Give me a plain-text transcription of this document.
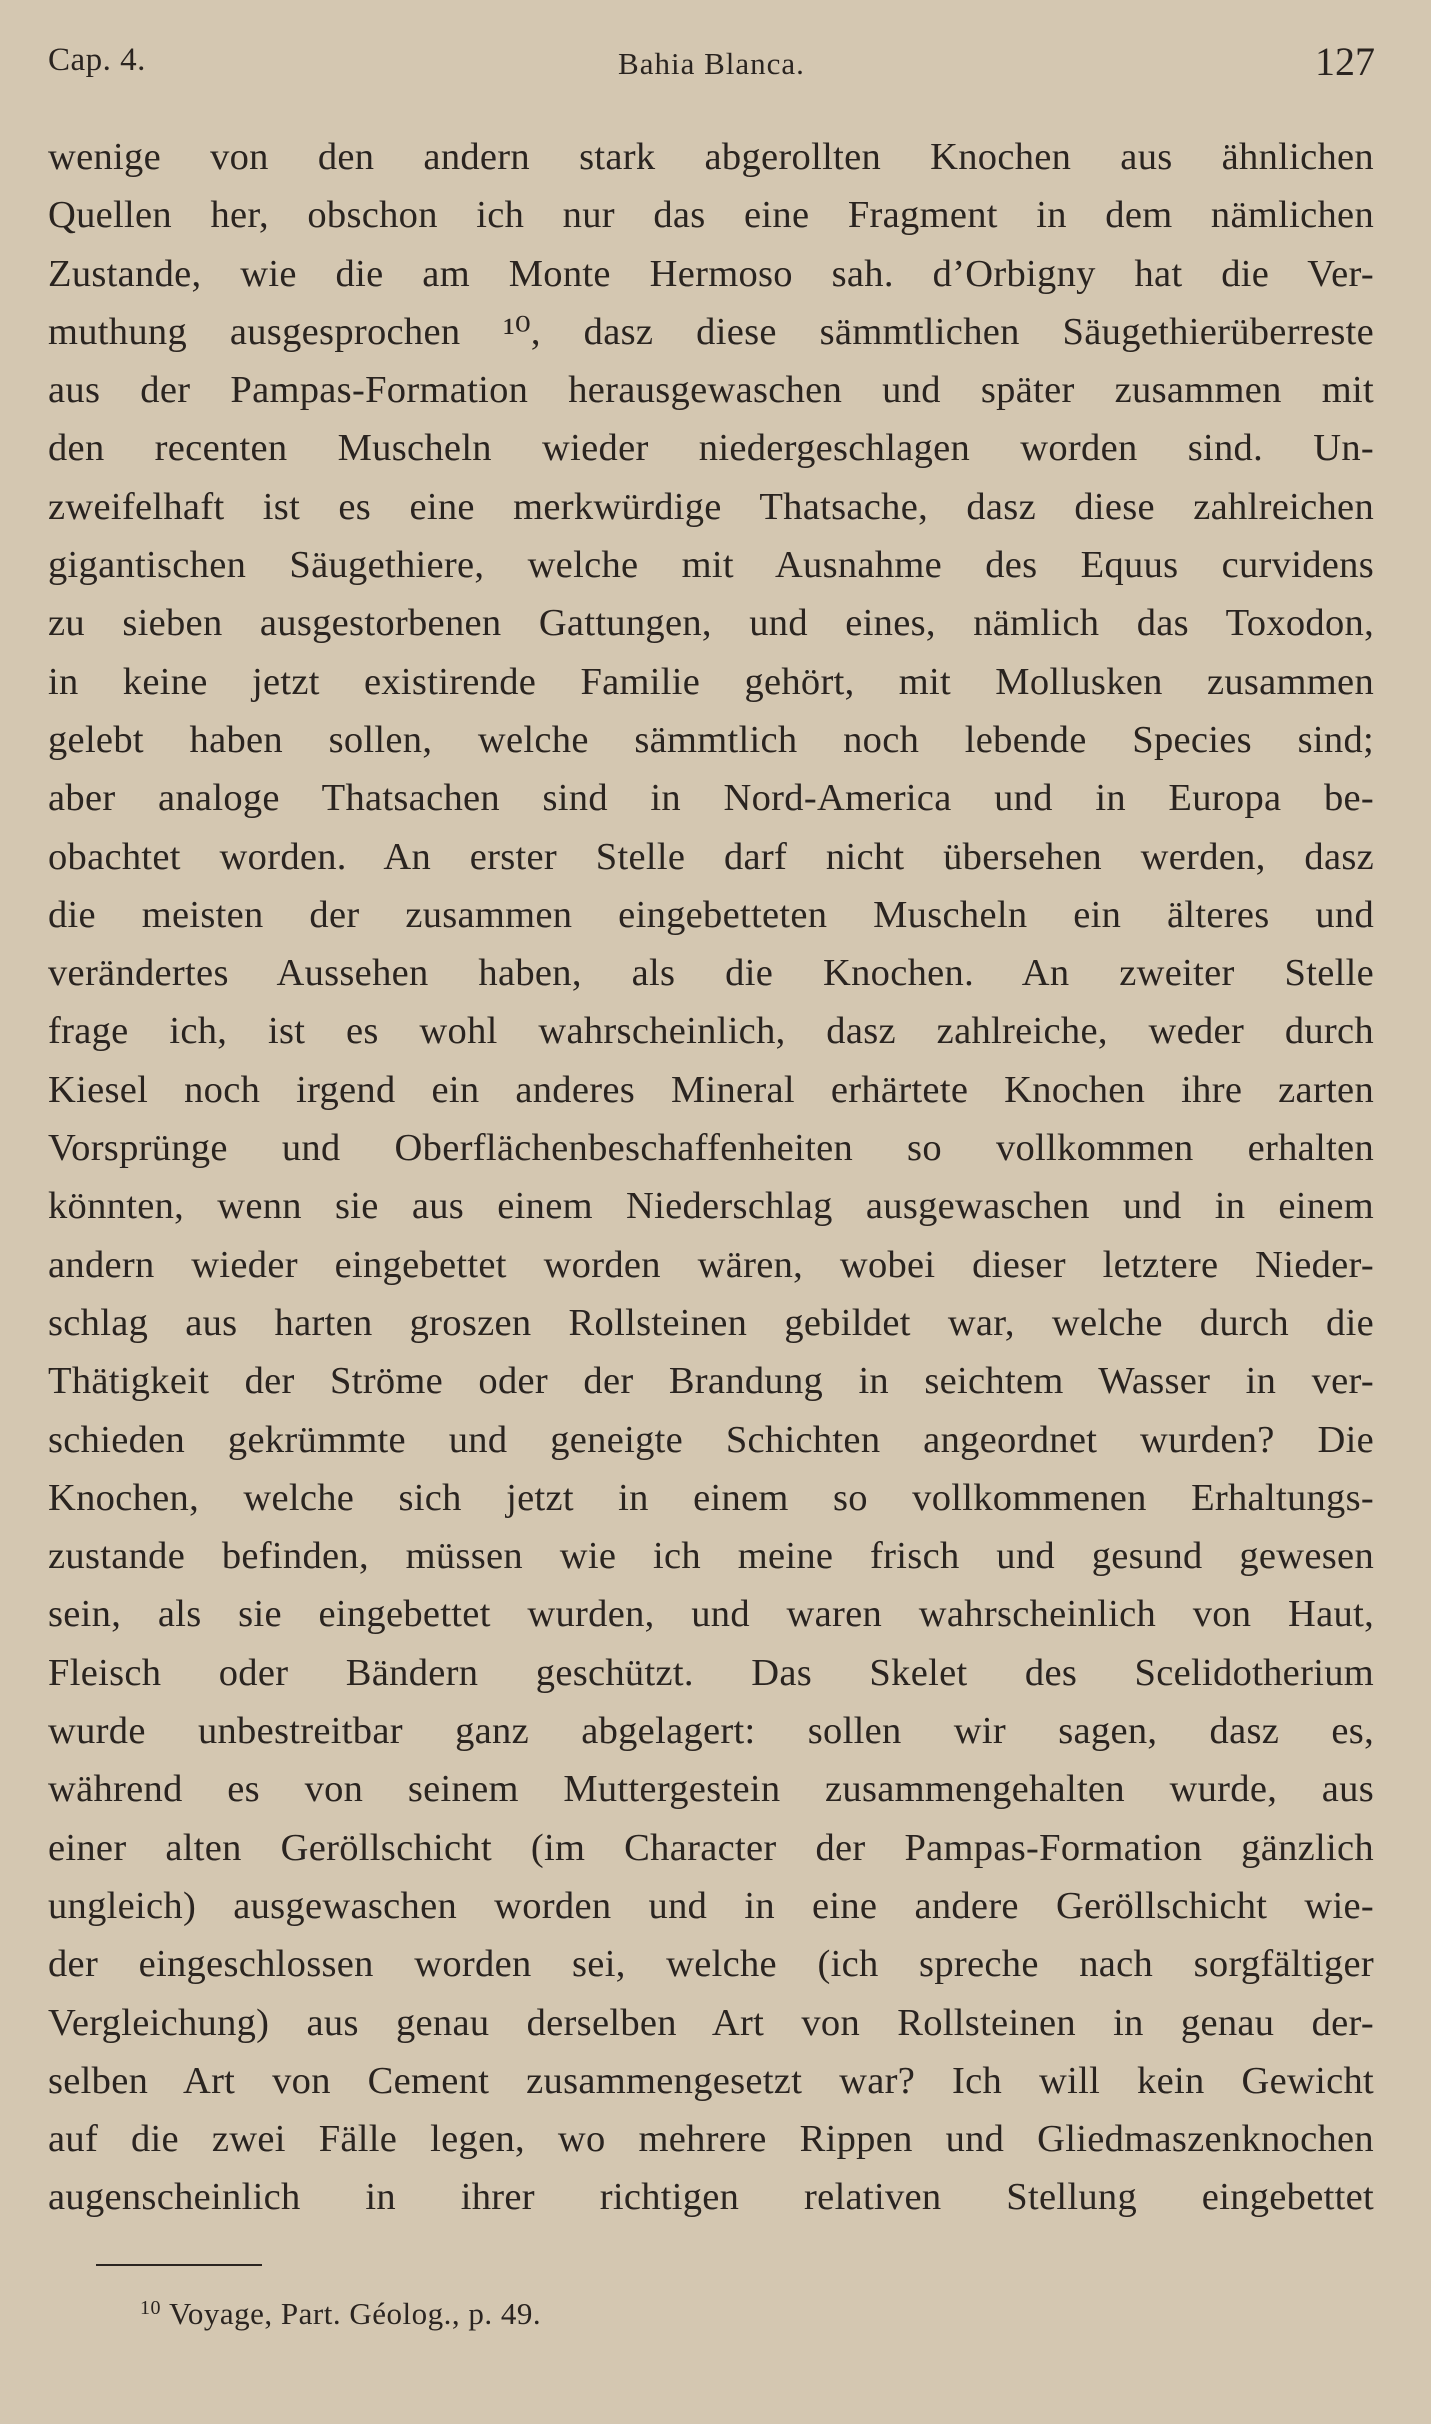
Cap. 4.	Bahia Blanca.	127
wenige von den andern stark abgerollten Knochen aus ähnlichen
Quellen her, obschon ich nur das eine Fragment in dem nämlichen
Zustande, wie die am Monte Hermoso sah. d’Orbigny hat die Ver-
muthung ausgesprochen ¹⁰, dasz diese sämmtlichen Säugethierüberreste
aus der Pampas-Formation herausgewaschen und später zusammen mit
den recenten Muscheln wieder niedergeschlagen worden sind. Un-
zweifelhaft ist es eine merkwürdige Thatsache, dasz diese zahlreichen
gigantischen Säugethiere, welche mit Ausnahme des Equus curvidens
zu sieben ausgestorbenen Gattungen, und eines, nämlich das Toxodon,
in keine jetzt existirende Familie gehört, mit Mollusken zusammen
gelebt haben sollen, welche sämmtlich noch lebende Species sind;
aber analoge Thatsachen sind in Nord-America und in Europa be-
obachtet worden. An erster Stelle darf nicht übersehen werden, dasz
die meisten der zusammen eingebetteten Muscheln ein älteres und
verändertes Aussehen haben, als die Knochen. An zweiter Stelle
frage ich, ist es wohl wahrscheinlich, dasz zahlreiche, weder durch
Kiesel noch irgend ein anderes Mineral erhärtete Knochen ihre zarten
Vorsprünge und Oberflächenbeschaffenheiten so vollkommen erhalten
könnten, wenn sie aus einem Niederschlag ausgewaschen und in einem
andern wieder eingebettet worden wären, wobei dieser letztere Nieder-
schlag aus harten groszen Rollsteinen gebildet war, welche durch die
Thätigkeit der Ströme oder der Brandung in seichtem Wasser in ver-
schieden gekrümmte und geneigte Schichten angeordnet wurden? Die
Knochen, welche sich jetzt in einem so vollkommenen Erhaltungs-
zustande befinden, müssen wie ich meine frisch und gesund gewesen
sein, als sie eingebettet wurden, und waren wahrscheinlich von Haut,
Fleisch oder Bändern geschützt. Das Skelet des Scelidotherium
wurde unbestreitbar ganz abgelagert: sollen wir sagen, dasz es,
während es von seinem Muttergestein zusammengehalten wurde, aus
einer alten Geröllschicht (im Character der Pampas-Formation gänzlich
ungleich) ausgewaschen worden und in eine andere Geröllschicht wie-
der eingeschlossen worden sei, welche (ich spreche nach sorgfältiger
Vergleichung) aus genau derselben Art von Rollsteinen in genau der-
selben Art von Cement zusammengesetzt war? Ich will kein Gewicht
auf die zwei Fälle legen, wo mehrere Rippen und Gliedmaszenknochen
augenscheinlich in ihrer richtigen relativen Stellung eingebettet
$^{10}$ Voyage, Part. Géolog., p. 49.
